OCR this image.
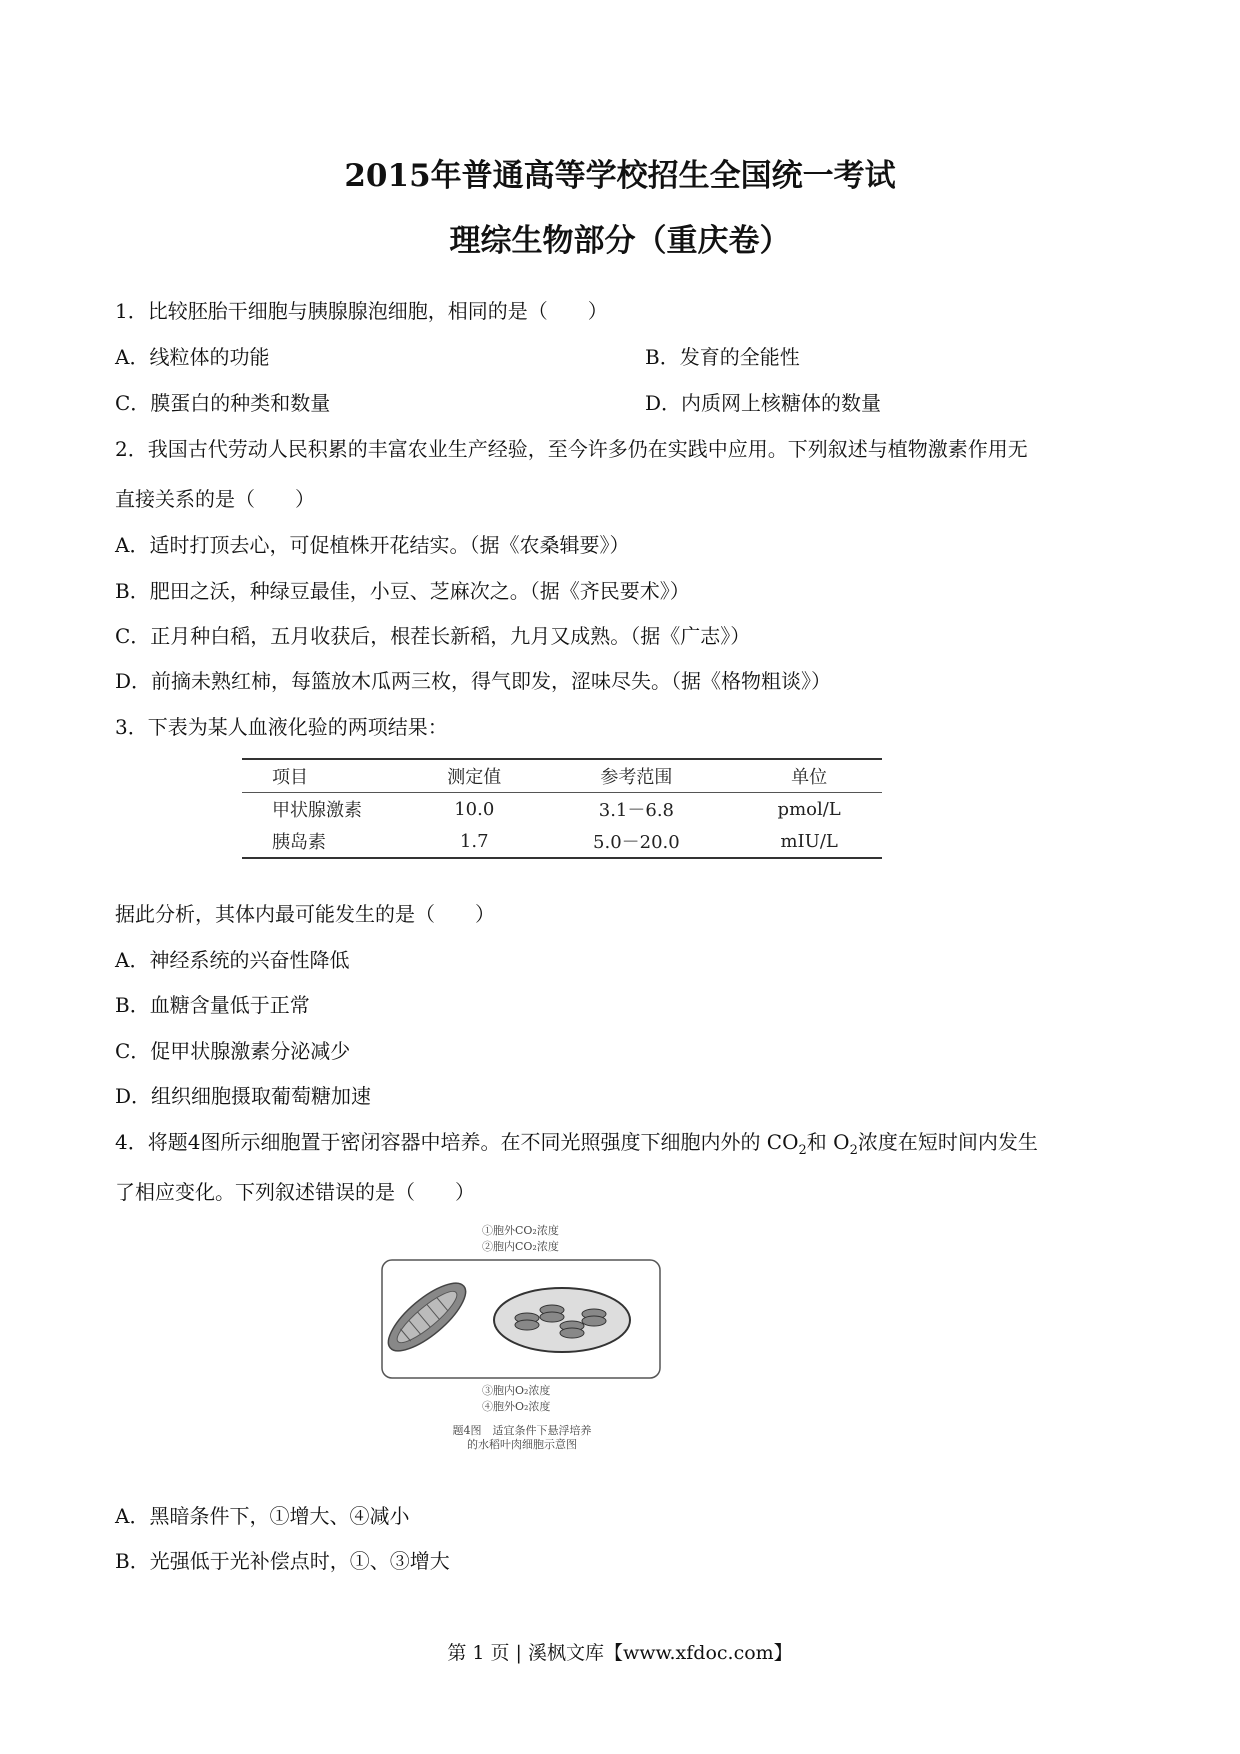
2015年普通高等学校招生全国统一考试
理综生物部分（重庆卷）
1．比较胚胎干细胞与胰腺腺泡细胞，相同的是（　　）
A．线粒体的功能	B．发育的全能性
C．膜蛋白的种类和数量	D．内质网上核糖体的数量
2．我国古代劳动人民积累的丰富农业生产经验，至今许多仍在实践中应用。下列叙述与植物激素作用无
直接关系的是（　　）
A．适时打顶去心，可促植株开花结实。（据《农桑辑要》）
B．肥田之沃，种绿豆最佳，小豆、芝麻次之。（据《齐民要术》）
C．正月种白稻，五月收获后，根茬长新稻，九月又成熟。（据《广志》）
D．前摘未熟红柿，每篮放木瓜两三枚，得气即发，涩味尽失。（据《格物粗谈》）
3．下表为某人血液化验的两项结果：
项目	测定值	参考范围	单位
甲状腺激素	10.0	3.1－6.8	pmol/L
胰岛素	1.7	5.0－20.0	mIU/L
据此分析，其体内最可能发生的是（　　）
A．神经系统的兴奋性降低
B．血糖含量低于正常
C．促甲状腺激素分泌减少
D．组织细胞摄取葡萄糖加速
4．将题4图所示细胞置于密闭容器中培养。在不同光照强度下细胞内外的 $CO_2$和 $O_2$浓度在短时间内发生
了相应变化。下列叙述错误的是（　　）
①胞外CO₂浓度
②胞内CO₂浓度
③胞内O₂浓度
④胞外O₂浓度
题4图　适宜条件下悬浮培养
的水稻叶肉细胞示意图
A．黑暗条件下，①增大、④减小
B．光强低于光补偿点时，①、③增大
第 1 页 | 溪枫文库【www.xfdoc.com】
